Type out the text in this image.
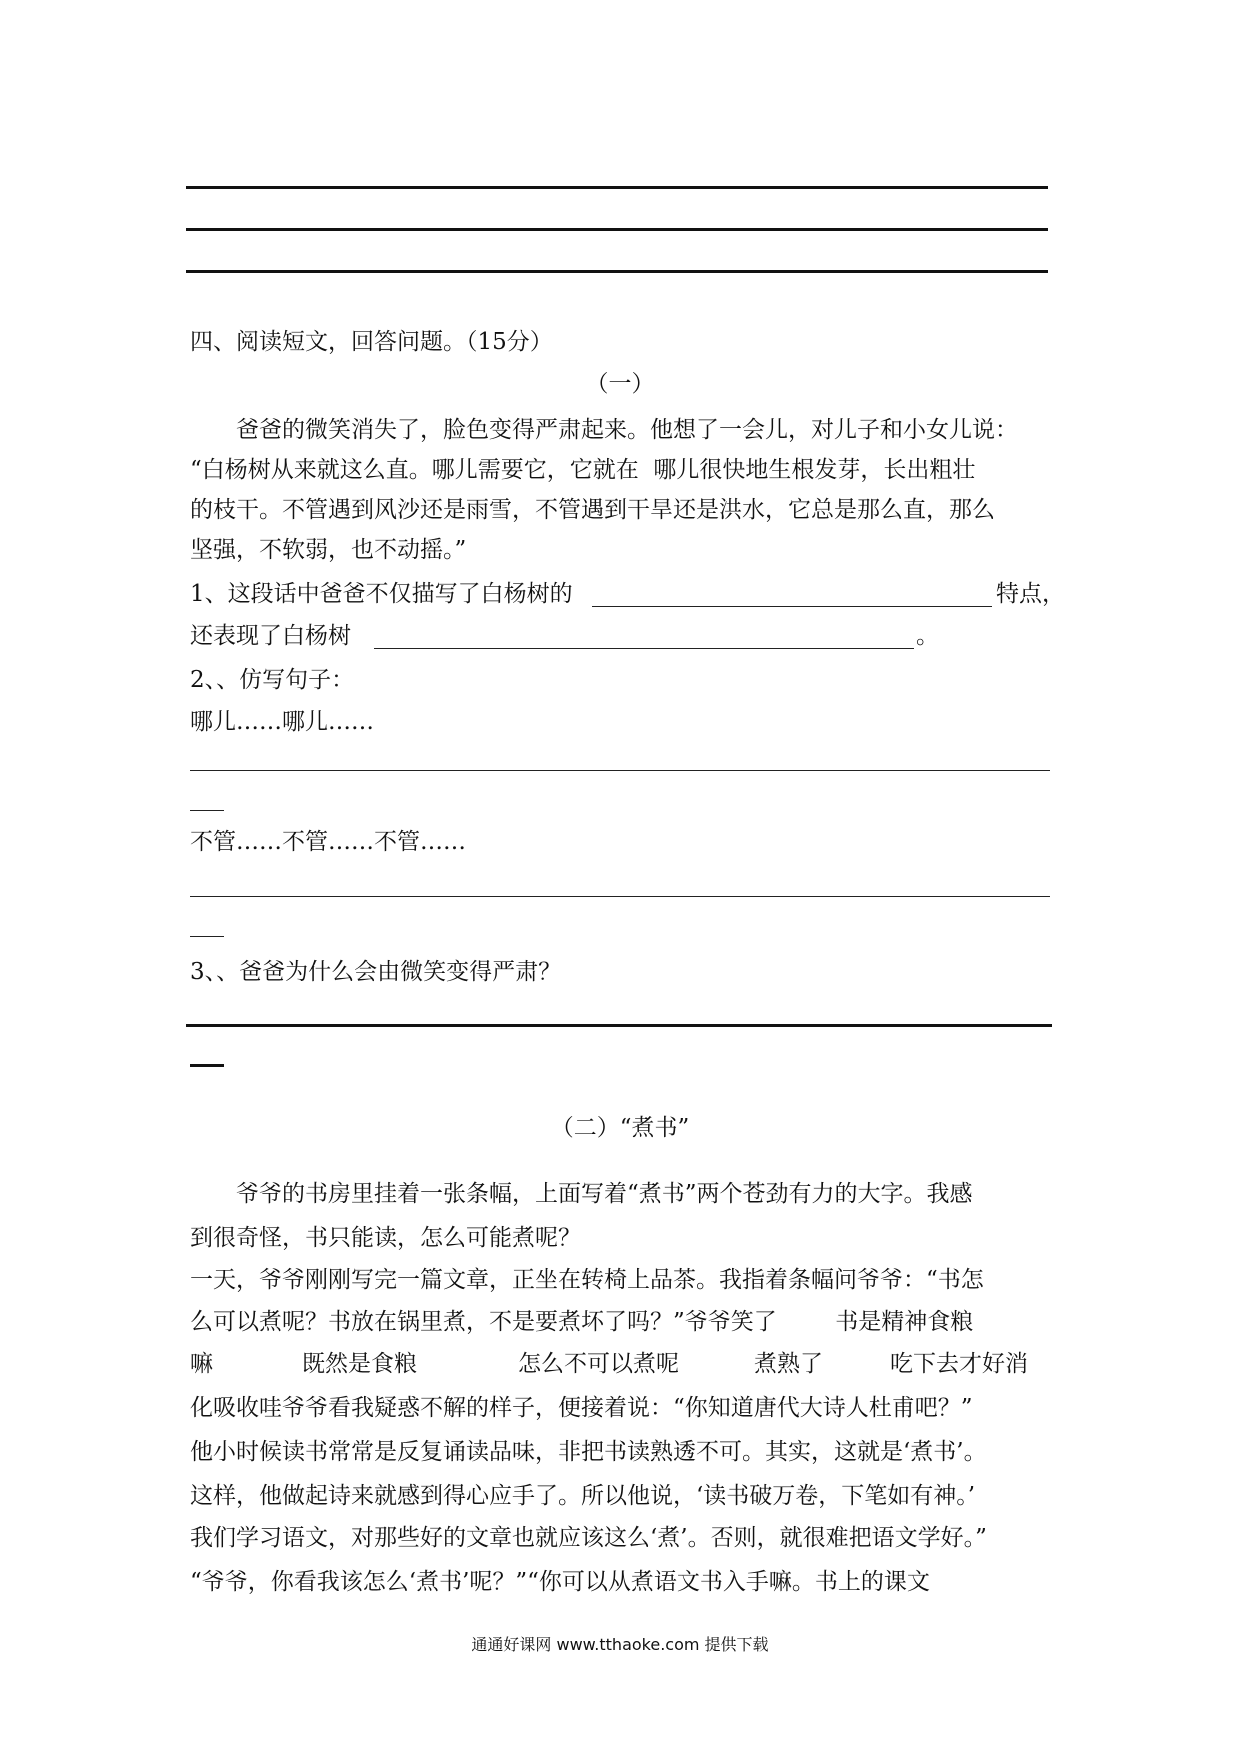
四、阅读短文，回答问题。（15分）
（一）
　　爸爸的微笑消失了，脸色变得严肃起来。他想了一会儿，对儿子和小女儿说：
“白杨树从来就这么直。哪儿需要它，它就在  哪儿很快地生根发芽，长出粗壮
的枝干。不管遇到风沙还是雨雪，不管遇到干旱还是洪水，它总是那么直，那么
坚强，不软弱，也不动摇。”
1、这段话中爸爸不仅描写了白杨树的	特点，
还表现了白杨树	。
2、、仿写句子：
哪儿……哪儿……
不管……不管……不管……
3、、爸爸为什么会由微笑变得严肃？
（二）“煮书”
　　爷爷的书房里挂着一张条幅，上面写着“煮书”两个苍劲有力的大字。我感
到很奇怪，书只能读，怎么可能煮呢？
一天，爷爷刚刚写完一篇文章，正坐在转椅上品茶。我指着条幅问爷爷：“书怎
么可以煮呢？书放在锅里煮，不是要煮坏了吗？”爷爷笑了        书是精神食粮
嘛	既然是食粮	怎么不可以煮呢	煮熟了	吃下去才好消
化吸收哇爷爷看我疑惑不解的样子，便接着说：“你知道唐代大诗人杜甫吧？”
他小时候读书常常是反复诵读品味，非把书读熟透不可。其实，这就是‘煮书’。
这样，他做起诗来就感到得心应手了。所以他说，‘读书破万卷，下笔如有神。’
我们学习语文，对那些好的文章也就应该这么‘煮’。否则，就很难把语文学好。”
“爷爷，你看我该怎么‘煮书’呢？”“你可以从煮语文书入手嘛。书上的课文
通通好课网 www.tthaoke.com 提供下载
